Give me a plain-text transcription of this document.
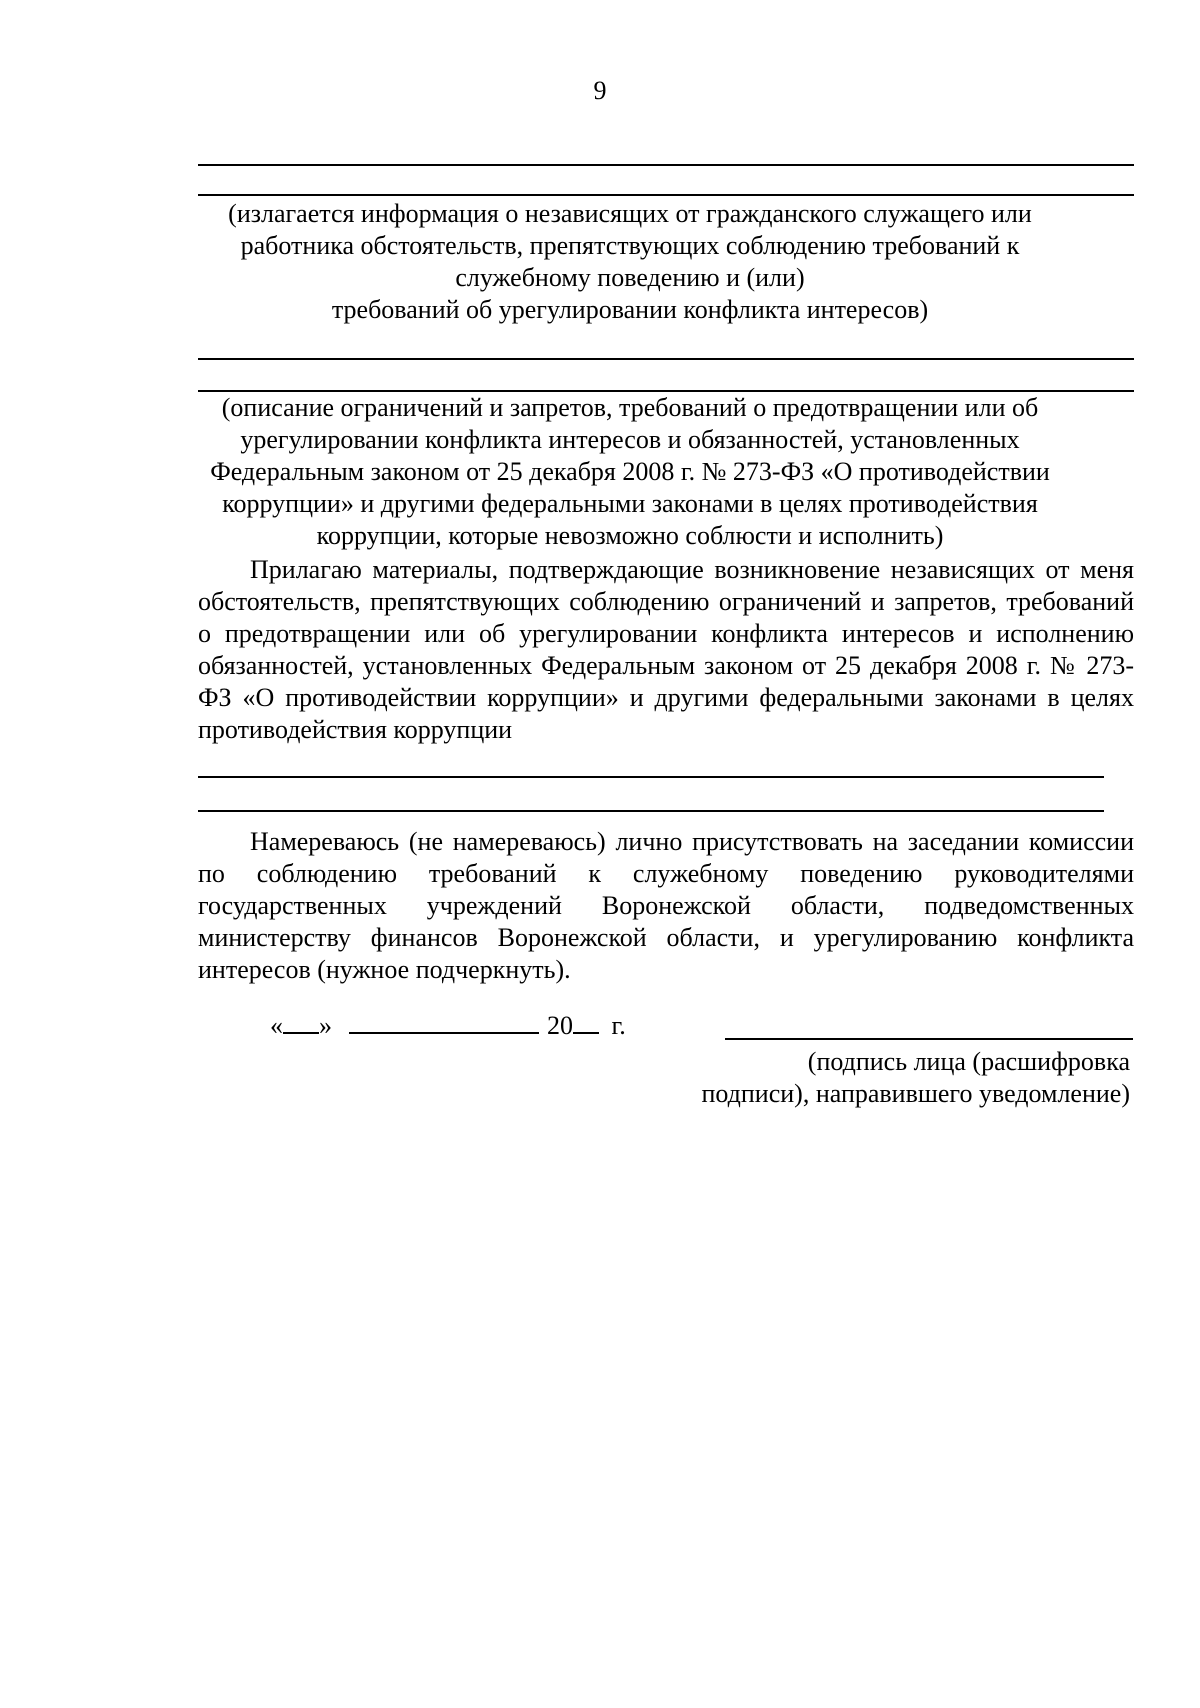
9
(излагается информация о независящих от гражданского служащего или
работника обстоятельств, препятствующих соблюдению требований к
служебному поведению и (или)
требований об урегулировании конфликта интересов)
(описание ограничений и запретов, требований о предотвращении или об
урегулировании конфликта интересов и обязанностей, установленных
Федеральным законом от 25 декабря 2008 г. № 273-ФЗ «О противодействии
коррупции» и другими федеральными законами в целях противодействия
коррупции, которые невозможно соблюсти и исполнить)
Прилагаю материалы, подтверждающие возникновение независящих от меня обстоятельств, препятствующих соблюдению ограничений и запретов, требований о предотвращении или об урегулировании конфликта интересов и исполнению обязанностей, установленных Федеральным законом от 25 декабря 2008 г. № 273-ФЗ «О противодействии коррупции» и другими федеральными законами в целях противодействия коррупции
Намереваюсь (не намереваюсь) лично присутствовать на заседании комиссии по соблюдению требований к служебному поведению руководителями государственных учреждений Воронежской области, подведомственных министерству финансов Воронежской области, и урегулированию конфликта интересов (нужное подчеркнуть).
« »	20 г.
(подпись лица (расшифровка
подписи), направившего уведомление)
